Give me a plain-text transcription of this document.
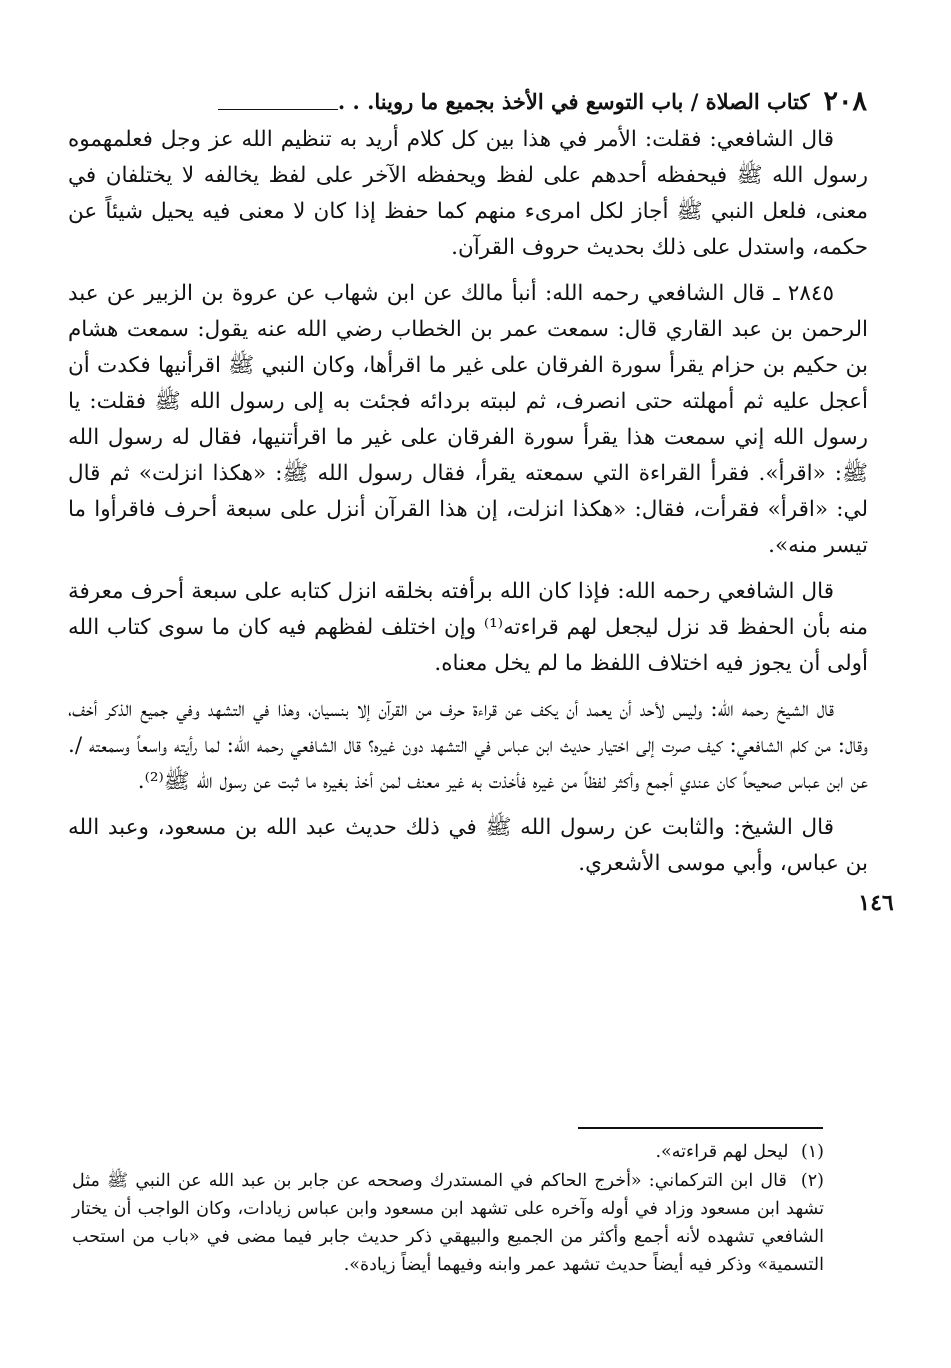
٢٠٨
كتاب الصلاة / باب التوسع في الأخذ بجميع ما روينا. . .

قال الشافعي: فقلت: الأمر في هذا بين كل كلام أريد به تنظيم الله عز وجل فعلمهموه رسول الله ﷺ فيحفظه أحدهم على لفظ ويحفظه الآخر على لفظ يخالفه لا يختلفان في معنى، فلعل النبي ﷺ أجاز لكل امرىء منهم كما حفظ إذا كان لا معنى فيه يحيل شيئاً عن حكمه، واستدل على ذلك بحديث حروف القرآن.

٢٨٤٥ ـ قال الشافعي رحمه الله: أنبأ مالك عن ابن شهاب عن عروة بن الزبير عن عبد الرحمن بن عبد القاري قال: سمعت عمر بن الخطاب رضي الله عنه يقول: سمعت هشام بن حكيم بن حزام يقرأ سورة الفرقان على غير ما اقرأها، وكان النبي ﷺ اقرأنيها فكدت أن أعجل عليه ثم أمهلته حتى انصرف، ثم لببته بردائه فجئت به إلى رسول الله ﷺ فقلت: يا رسول الله إني سمعت هذا يقرأ سورة الفرقان على غير ما اقرأتنيها، فقال له رسول الله ﷺ: «اقرأ». فقرأ القراءة التي سمعته يقرأ، فقال رسول الله ﷺ: «هكذا انزلت» ثم قال لي: «اقرأ» فقرأت، فقال: «هكذا انزلت، إن هذا القرآن أنزل على سبعة أحرف فاقرأوا ما تيسر منه».

قال الشافعي رحمه الله: فإذا كان الله برأفته بخلقه انزل كتابه على سبعة أحرف معرفة منه بأن الحفظ قد نزل ليجعل لهم قراءته⁽¹⁾ وإن اختلف لفظهم فيه كان ما سوى كتاب الله أولى أن يجوز فيه اختلاف اللفظ ما لم يخل معناه.

قال الشيخ رحمه الله: وليس لأحد أن يعمد أن يكف عن قراءة حرف من القرآن إلا بنسيان، وهذا في التشهد وفي جميع الذكر أخف، وقال: من كلم الشافعي: كيف صرت إلى اختيار حديث ابن عباس في التشهد دون غيره؟ قال الشافعي رحمه الله: لما رأيته واسعاً وسمعته /. عن ابن عباس صحيحاً كان عندي أجمع وأكثر لفظاً من غيره فأخذت به غير معنف لمن أخذ بغيره ما ثبت عن رسول الله ﷺ⁽²⁾.

قال الشيخ: والثابت عن رسول الله ﷺ في ذلك حديث عبد الله بن مسعود، وعبد الله بن عباس، وأبي موسى الأشعري.

١٤٦

(١) ليحل لهم قراءته».

(٢) قال ابن التركماني: «أخرج الحاكم في المستدرك وصححه عن جابر بن عبد الله عن النبي ﷺ مثل تشهد ابن مسعود وزاد في أوله وآخره على تشهد ابن مسعود وابن عباس زيادات، وكان الواجب أن يختار الشافعي تشهده لأنه أجمع وأكثر من الجميع والبيهقي ذكر حديث جابر فيما مضى في «باب من استحب التسمية» وذكر فيه أيضاً حديث تشهد عمر وابنه وفيهما أيضاً زيادة».
